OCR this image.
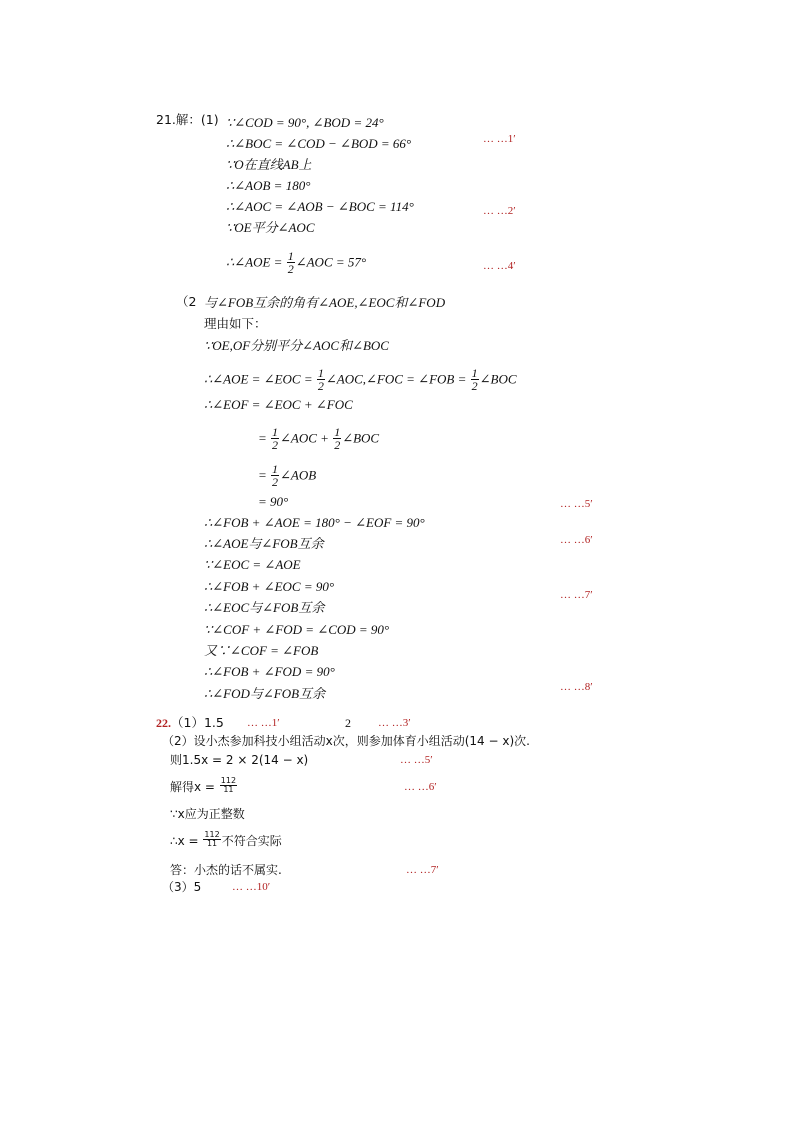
21.解：(1) ∵∠COD = 90°, ∠BOD = 24°
∴∠BOC = ∠COD − ∠BOD = 66°
∵O在直线AB上
∴∠AOB = 180°
∴∠AOC = ∠AOB − ∠BOC = 114°
∵OE平分∠AOC
∴∠AOE = $\frac{1}{2}$ ∠AOC = 57°
… …1′
… …2′
… …4′
（2 与∠FOB互余的角有∠AOE,∠EOC和∠FOD
理由如下：
∵OE,OF分别平分∠AOC和∠BOC
∴∠AOE = ∠EOC = $\frac{1}{2}$ ∠AOC,∠FOC = ∠FOB = $\frac{1}{2}$ ∠BOC
∴∠EOF = ∠EOC + ∠FOC
= $\frac{1}{2}$ ∠AOC + $\frac{1}{2}$ ∠BOC
= $\frac{1}{2}$ ∠AOB
= 90°
∴∠FOB + ∠AOE = 180° − ∠EOF = 90°
∴∠AOE与∠FOB互余
∵∠EOC = ∠AOE
∴∠FOB + ∠EOC = 90°
∴∠EOC与∠FOB互余
∵∠COF + ∠FOD = ∠COD = 90°
又∵∠COF = ∠FOB
∴∠FOB + ∠FOD = 90°
∴∠FOD与∠FOB互余
… …5′
… …6′
… …7′
… …8′
22.（1）1.5 … …1′	2 … …3′
（2）设小杰参加科技小组活动x次，则参加体育小组活动(14 − x)次.
则1.5x = 2 × 2(14 − x)	… …5′
解得$x = \frac{112}{11}$	… …6′
∵x应为正整数
∴x = $\frac{112}{11}$ 不符合实际
答：小杰的话不属实.	… …7′
（3）5	… …10′
